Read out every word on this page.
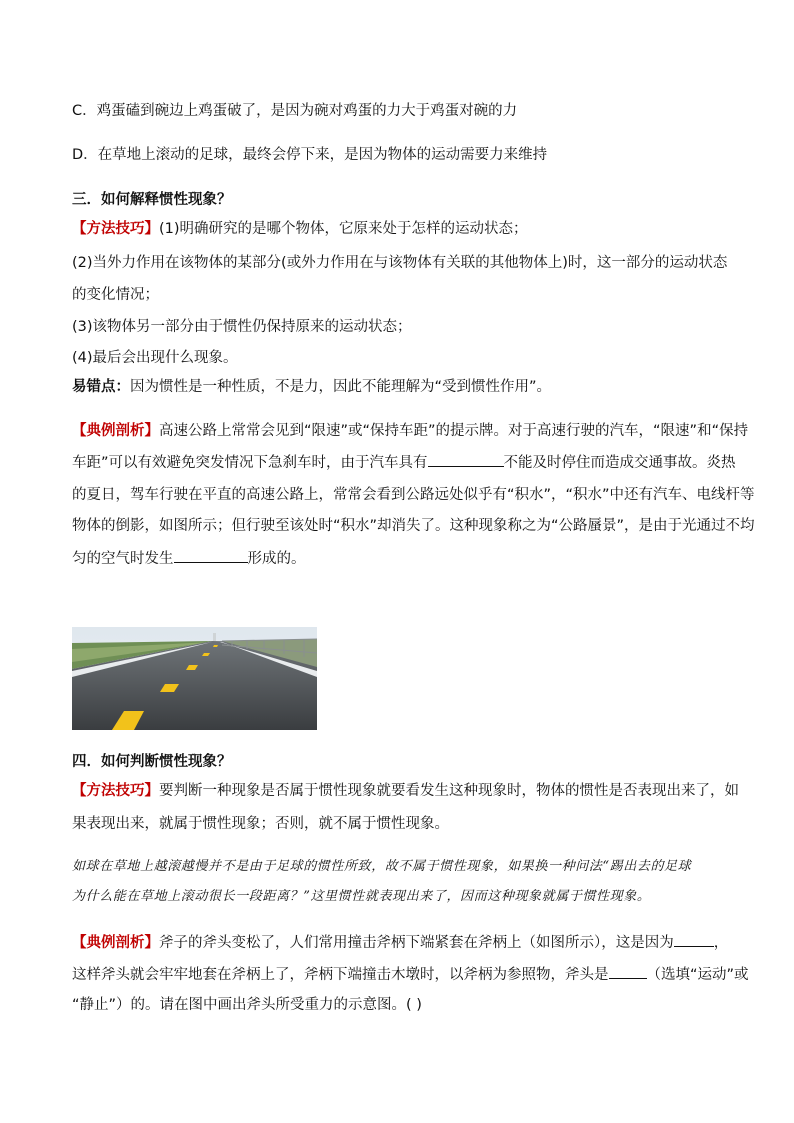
C．鸡蛋磕到碗边上鸡蛋破了，是因为碗对鸡蛋的力大于鸡蛋对碗的力
D．在草地上滚动的足球，最终会停下来，是因为物体的运动需要力来维持
三．如何解释惯性现象？
【方法技巧】(1)明确研究的是哪个物体，它原来处于怎样的运动状态；
(2)当外力作用在该物体的某部分(或外力作用在与该物体有关联的其他物体上)时，这一部分的运动状态
的变化情况；
(3)该物体另一部分由于惯性仍保持原来的运动状态；
(4)最后会出现什么现象。
易错点：因为惯性是一种性质，不是力，因此不能理解为“受到惯性作用”。
【典例剖析】高速公路上常常会见到“限速”或“保持车距”的提示牌。对于高速行驶的汽车，“限速”和“保持
车距”可以有效避免突发情况下急刹车时，由于汽车具有	不能及时停住而造成交通事故。炎热
的夏日，驾车行驶在平直的高速公路上，常常会看到公路远处似乎有“积水”，“积水”中还有汽车、电线杆等
物体的倒影，如图所示；但行驶至该处时“积水”却消失了。这种现象称之为“公路蜃景”，是由于光通过不均
匀的空气时发生	形成的。
四．如何判断惯性现象？
【方法技巧】要判断一种现象是否属于惯性现象就要看发生这种现象时，物体的惯性是否表现出来了，如
果表现出来，就属于惯性现象；否则，就不属于惯性现象。
如球在草地上越滚越慢并不是由于足球的惯性所致，故不属于惯性现象，如果换一种问法“踢出去的足球
为什么能在草地上滚动很长一段距离？”这里惯性就表现出来了，因而这种现象就属于惯性现象。
【典例剖析】斧子的斧头变松了，人们常用撞击斧柄下端紧套在斧柄上（如图所示），这是因为	，
这样斧头就会牢牢地套在斧柄上了，斧柄下端撞击木墩时，以斧柄为参照物，斧头是	（选填“运动”或
“静止”）的。请在图中画出斧头所受重力的示意图。( )
